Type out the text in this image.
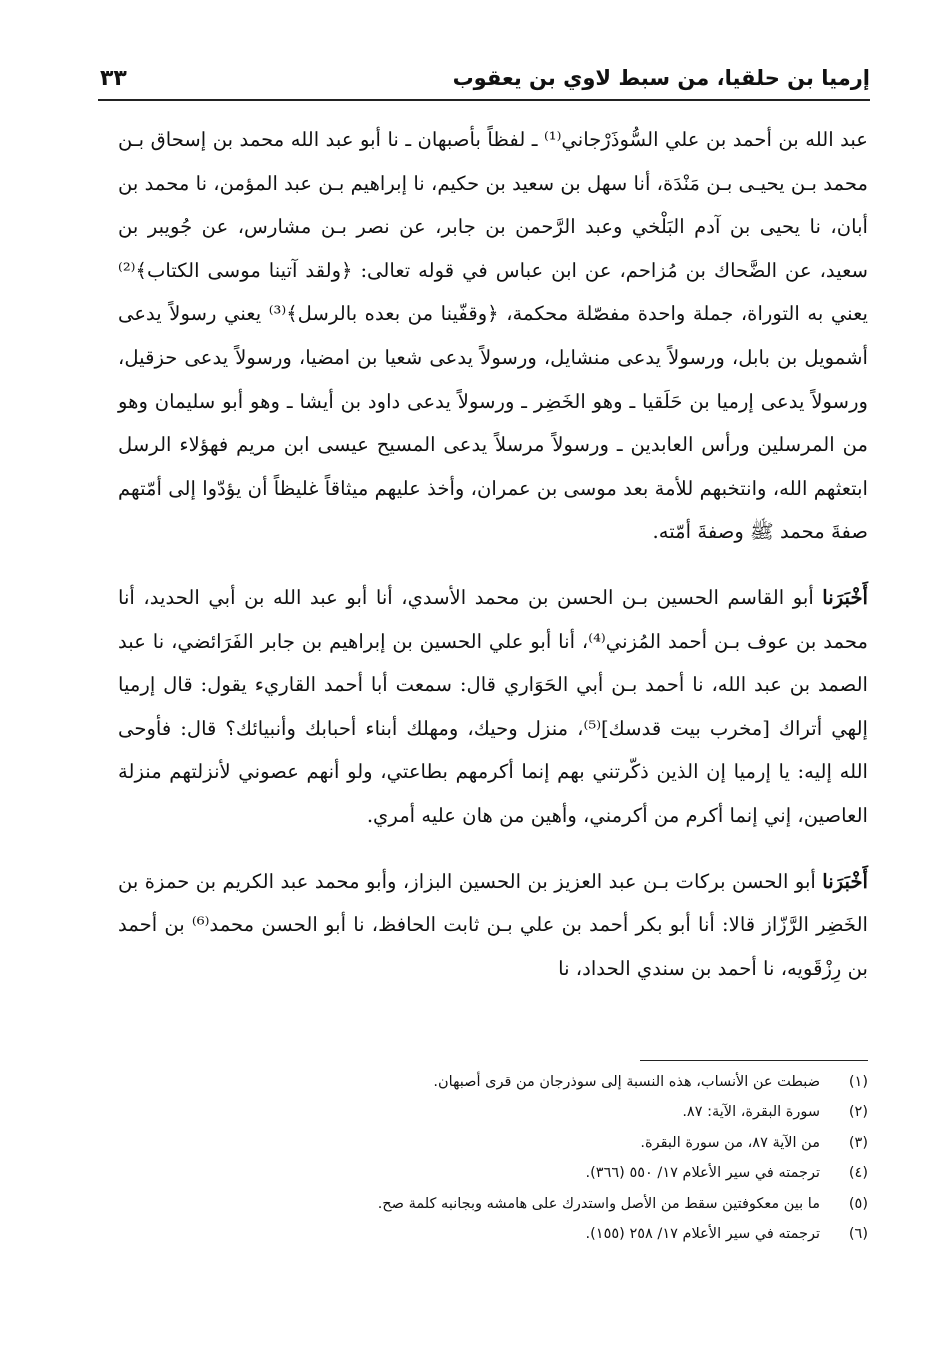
إرميا بن حلقيا، من سبط لاوي بن يعقوب
٣٣

عبد الله بن أحمد بن علي السُّوذَرْجاني⁽¹⁾ ـ لفظاً بأصبهان ـ نا أبو عبد الله محمد بن إسحاق بـن محمد بـن يحيـى بـن مَنْدَة، أنا سهل بن سعيد بن حكيم، نا إبراهيم بـن عبد المؤمن، نا محمد بن أبان، نا يحيى بن آدم البَلْخي وعبد الرَّحمن بن جابر، عن نصر بـن مشارس، عن جُويبر بن سعيد، عن الضَّحاك بن مُزاحم، عن ابن عباس في قوله تعالى: ﴿ولقد آتينا موسى الكتاب﴾⁽²⁾ يعني به التوراة، جملة واحدة مفصّلة محكمة، ﴿وقفّينا من بعده بالرسل﴾⁽³⁾ يعني رسولاً يدعى أشمويل بن بابل، ورسولاً يدعى منشايل، ورسولاً يدعى شعيا بن امضيا، ورسولاً يدعى حزقيل، ورسولاً يدعى إرميا بن حَلَقيا ـ وهو الخَضِر ـ ورسولاً يدعى داود بن أيشا ـ وهو أبو سليمان وهو من المرسلين ورأس العابدين ـ ورسولاً مرسلاً يدعى المسيح عيسى ابن مريم فهؤلاء الرسل ابتعثهم الله، وانتخبهم للأمة بعد موسى بن عمران، وأخذ عليهم ميثاقاً غليظاً أن يؤدّوا إلى أمّتهم صفةَ محمد ﷺ وصفةَ أمّته.

أَخْبَرَنا أبو القاسم الحسين بـن الحسن بن محمد الأسدي، أنا أبو عبد الله بن أبي الحديد، أنا محمد بن عوف بـن أحمد المُزني⁽⁴⁾، أنا أبو علي الحسين بن إبراهيم بن جابر الفَرَائضي، نا عبد الصمد بن عبد الله، نا أحمد بـن أبي الحَوَاري قال: سمعت أبا أحمد القاريء يقول: قال إرميا إلهي أتراك [مخرب بيت قدسك]⁽⁵⁾، منزل وحيك، ومهلك أبناء أحبابك وأنبيائك؟ قال: فأوحى الله إليه: يا إرميا إن الذين ذكّرتني بهم إنما أكرمهم بطاعتي، ولو أنهم عصوني لأنزلتهم منزلة العاصين، إني إنما أكرم من أكرمني، وأهين من هان عليه أمري.

أَخْبَرَنا أبو الحسن بركات بـن عبد العزيز بن الحسين البزاز، وأبو محمد عبد الكريم بن حمزة بن الخَضِر الرَّزّاز قالا: أنا أبو بكر أحمد بن علي بـن ثابت الحافظ، نا أبو الحسن محمد⁽⁶⁾ بن أحمد بن رِزْقَويه، نا أحمد بن سندي الحداد، نا

(١)
ضبطت عن الأنساب، هذه النسبة إلى سوذرجان من قرى أصبهان.
(٢)
سورة البقرة، الآية: ٨٧.
(٣)
من الآية ٨٧، من سورة البقرة.
(٤)
ترجمته في سير الأعلام ١٧/ ٥٥٠ (٣٦٦).
(٥)
ما بين معكوفتين سقط من الأصل واستدرك على هامشه وبجانبه كلمة صح.
(٦)
ترجمته في سير الأعلام ١٧/ ٢٥٨ (١٥٥).
